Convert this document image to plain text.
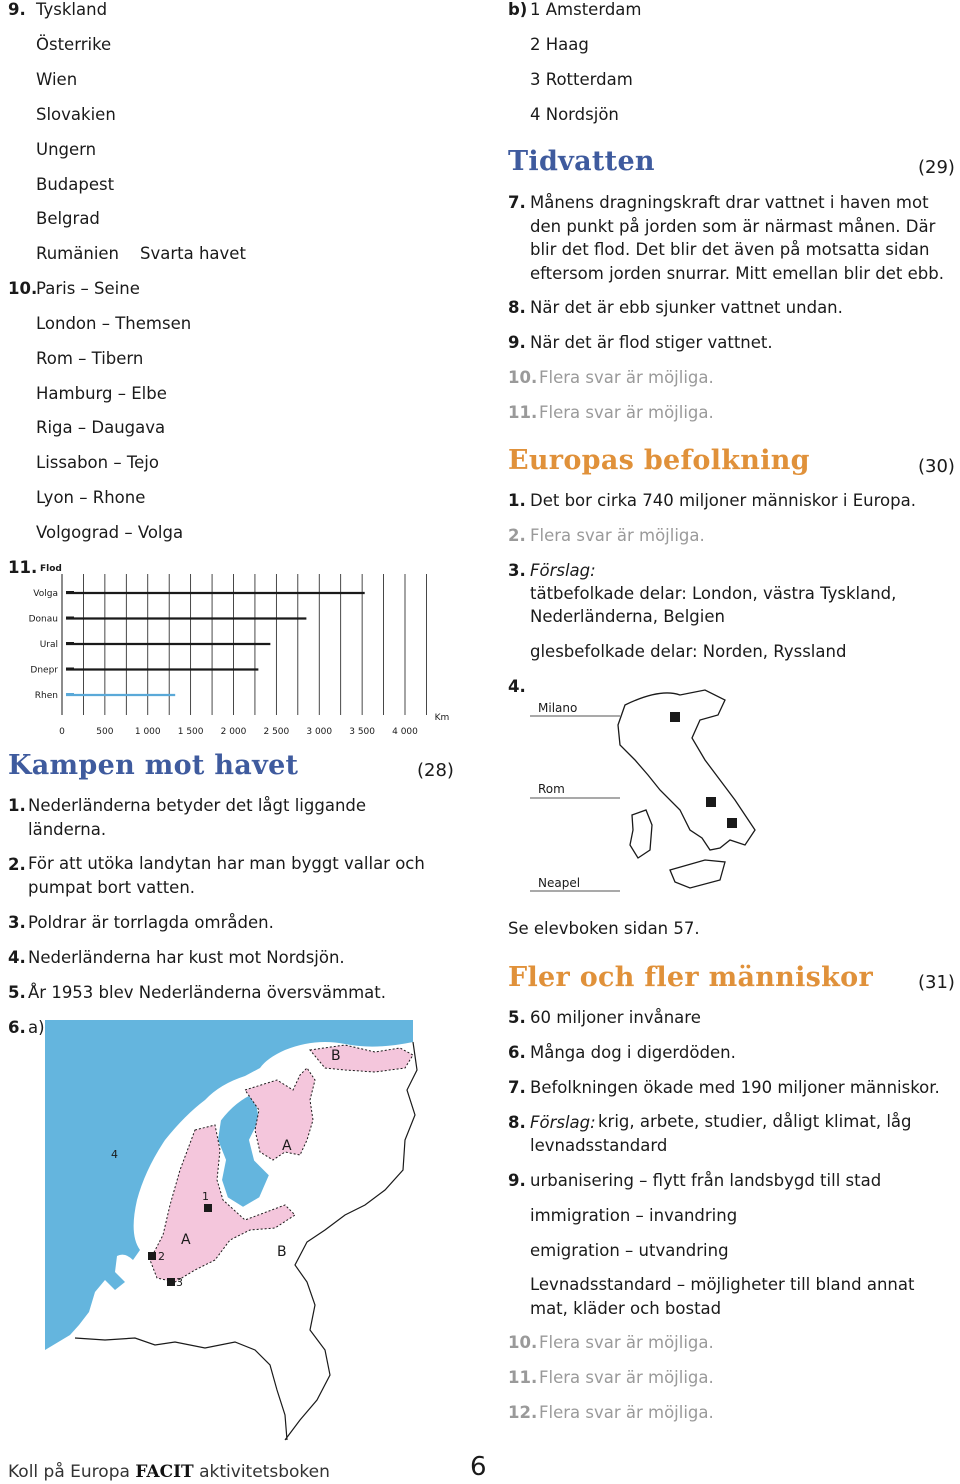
9. Tyskland
Österrike
Wien
Slovakien
Ungern
Budapest
Belgrad
Rumänien Svarta havet
10.
Paris – Seine
London – Themsen
Rom – Tibern
Hamburg – Elbe
Riga – Daugava
Lissabon – Tejo
Lyon – Rhone
Volgograd – Volga
11. Flod
Volga
Donau
Ural
Dnepr
Rhen
0	500 1 000 1 500 2 000 2 500 3 000 3 500 4 000
Km
Kampen mot havet	(28)
1. Nederländerna betyder det lågt liggande länderna.
2. För att utöka landytan har man byggt vallar och pumpat bort vatten.
3. Poldrar är torrlagda områden.
4. Nederländerna har kust mot Nordsjön.
5. År 1953 blev Nederländerna översvämmat.
6. a)
B
A
4
1
A
B
2
3
b) 1 Amsterdam
2 Haag
3 Rotterdam
4 Nordsjön
Tidvatten	(29)
7. Månens dragningskraft drar vattnet i haven mot den punkt på jorden som är närmast månen. Där blir det flod. Det blir det även på motsatta sidan eftersom jorden snurrar. Mitt emellan blir det ebb.
8. När det är ebb sjunker vattnet undan.
9. När det är flod stiger vattnet.
10. Flera svar är möjliga.
11. Flera svar är möjliga.
Europas befolkning	(30)
1. Det bor cirka 740 miljoner människor i Europa.
2. Flera svar är möjliga.
3. Förslag:
tätbefolkade delar: London, västra Tyskland,
Nederländerna, Belgien
glesbefolkade delar: Norden, Ryssland
4.
Milano
Rom
Neapel
Se elevboken sidan 57.
Fler och fler människor (31)
5. 60 miljoner invånare
6. Många dog i digerdöden.
7. Befolkningen ökade med 190 miljoner människor.
8. Förslag: krig, arbete, studier, dåligt klimat, låg levnadsstandard
9. urbanisering – flytt från landsbygd till stad
immigration – invandring
emigration – utvandring
Levnadsstandard – möjligheter till bland annat mat, kläder och bostad
10. Flera svar är möjliga.
11. Flera svar är möjliga.
12. Flera svar är möjliga.
Koll på Europa FACIT aktivitetsboken	6
